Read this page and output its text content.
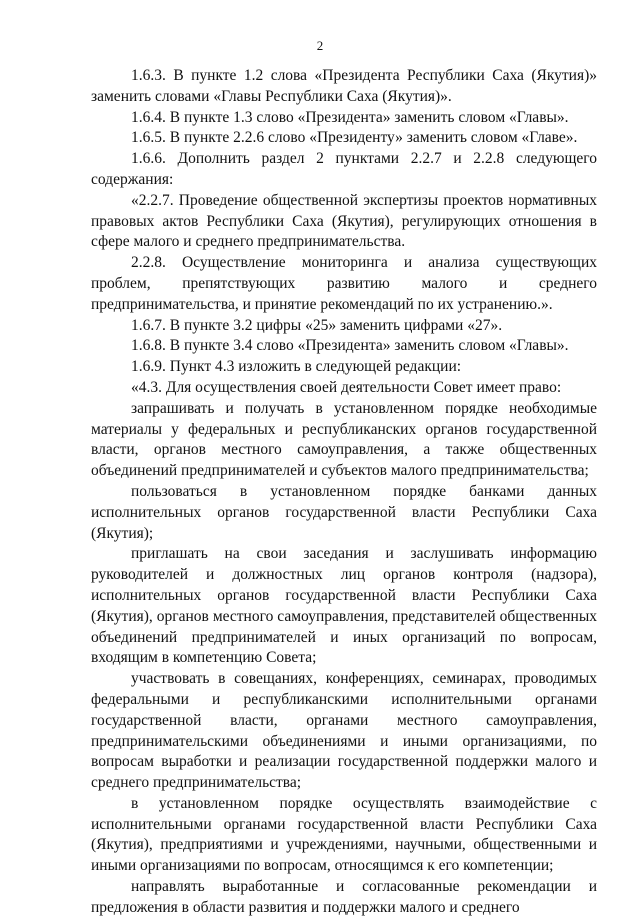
2

1.6.3. В пункте 1.2 слова «Президента Республики Саха (Якутия)» заменить словами «Главы Республики Саха (Якутия)».

1.6.4. В пункте 1.3 слово «Президента» заменить словом «Главы».

1.6.5. В пункте 2.2.6 слово «Президенту» заменить словом «Главе».

1.6.6. Дополнить раздел 2 пунктами 2.2.7 и 2.2.8 следующего содержания:

«2.2.7. Проведение общественной экспертизы проектов нормативных правовых актов Республики Саха (Якутия), регулирующих отношения в сфере малого и среднего предпринимательства.

2.2.8. Осуществление мониторинга и анализа существующих проблем, препятствующих развитию малого и среднего предпринимательства, и принятие рекомендаций по их устранению.».

1.6.7. В пункте 3.2 цифры «25» заменить цифрами «27».

1.6.8. В пункте 3.4 слово «Президента» заменить словом «Главы».

1.6.9. Пункт 4.3 изложить в следующей редакции:

«4.3. Для осуществления своей деятельности Совет имеет право:

запрашивать и получать в установленном порядке необходимые материалы у федеральных и республиканских органов государственной власти, органов местного самоуправления, а также общественных объединений предпринимателей и субъектов малого предпринимательства;

пользоваться в установленном порядке банками данных исполнительных органов государственной власти Республики Саха (Якутия);

приглашать на свои заседания и заслушивать информацию руководителей и должностных лиц органов контроля (надзора), исполнительных органов государственной власти Республики Саха (Якутия), органов местного самоуправления, представителей общественных объединений предпринимателей и иных организаций по вопросам, входящим в компетенцию Совета;

участвовать в совещаниях, конференциях, семинарах, проводимых федеральными и республиканскими исполнительными органами государственной власти, органами местного самоуправления, предпринимательскими объединениями и иными организациями, по вопросам выработки и реализации государственной поддержки малого и среднего предпринимательства;

в установленном порядке осуществлять взаимодействие с исполнительными органами государственной власти Республики Саха (Якутия), предприятиями и учреждениями, научными, общественными и иными организациями по вопросам, относящимся к его компетенции;

направлять выработанные и согласованные рекомендации и предложения в области развития и поддержки малого и среднего
